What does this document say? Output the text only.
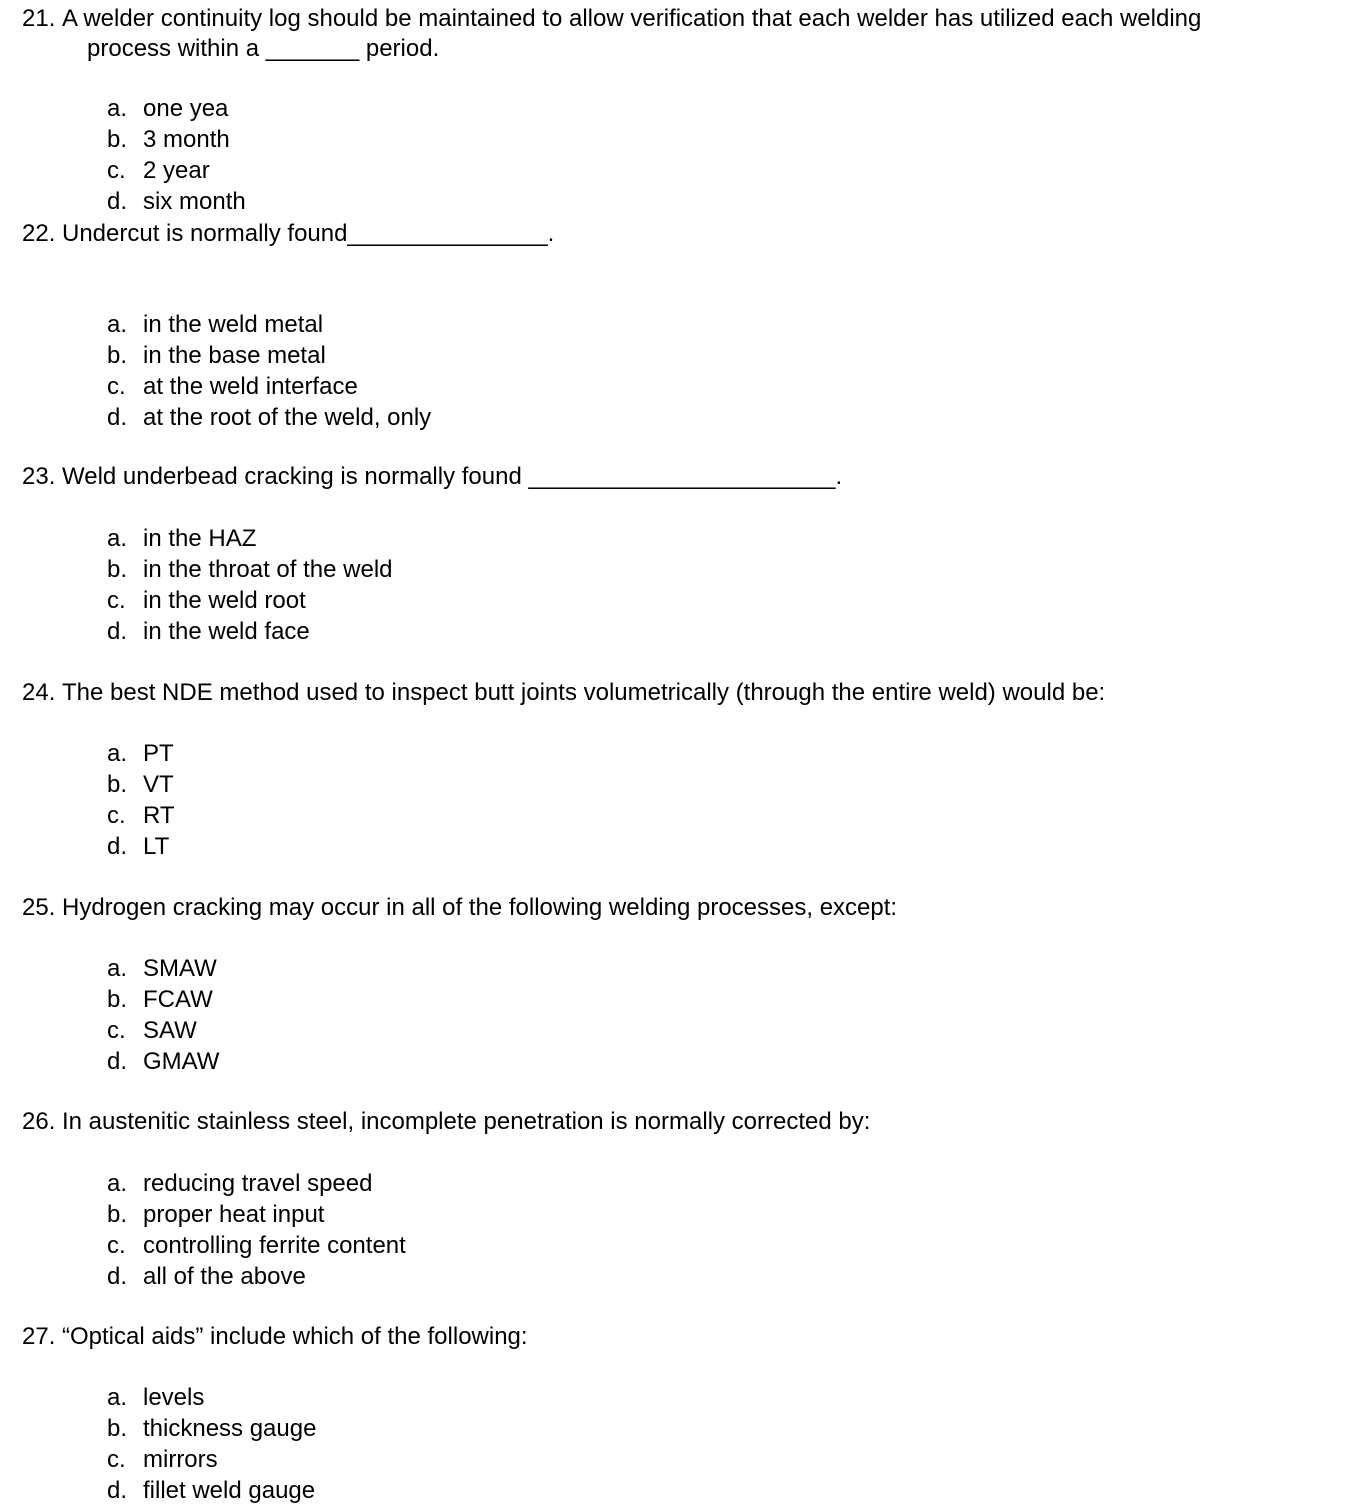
21. A welder continuity log should be maintained to allow verification that each welder has utilized each welding
process within a _______ period.
a. one yea
b. 3 month
c. 2 year
d. six month
22. Undercut is normally found_______________.
a. in the weld metal
b. in the base metal
c. at the weld interface
d. at the root of the weld, only
23. Weld underbead cracking is normally found _______________________.
a. in the HAZ
b. in the throat of the weld
c. in the weld root
d. in the weld face
24. The best NDE method used to inspect butt joints volumetrically (through the entire weld) would be:
a. PT
b. VT
c. RT
d. LT
25. Hydrogen cracking may occur in all of the following welding processes, except:
a. SMAW
b. FCAW
c. SAW
d. GMAW
26. In austenitic stainless steel, incomplete penetration is normally corrected by:
a. reducing travel speed
b. proper heat input
c. controlling ferrite content
d. all of the above
27. “Optical aids” include which of the following:
a. levels
b. thickness gauge
c. mirrors
d. fillet weld gauge
